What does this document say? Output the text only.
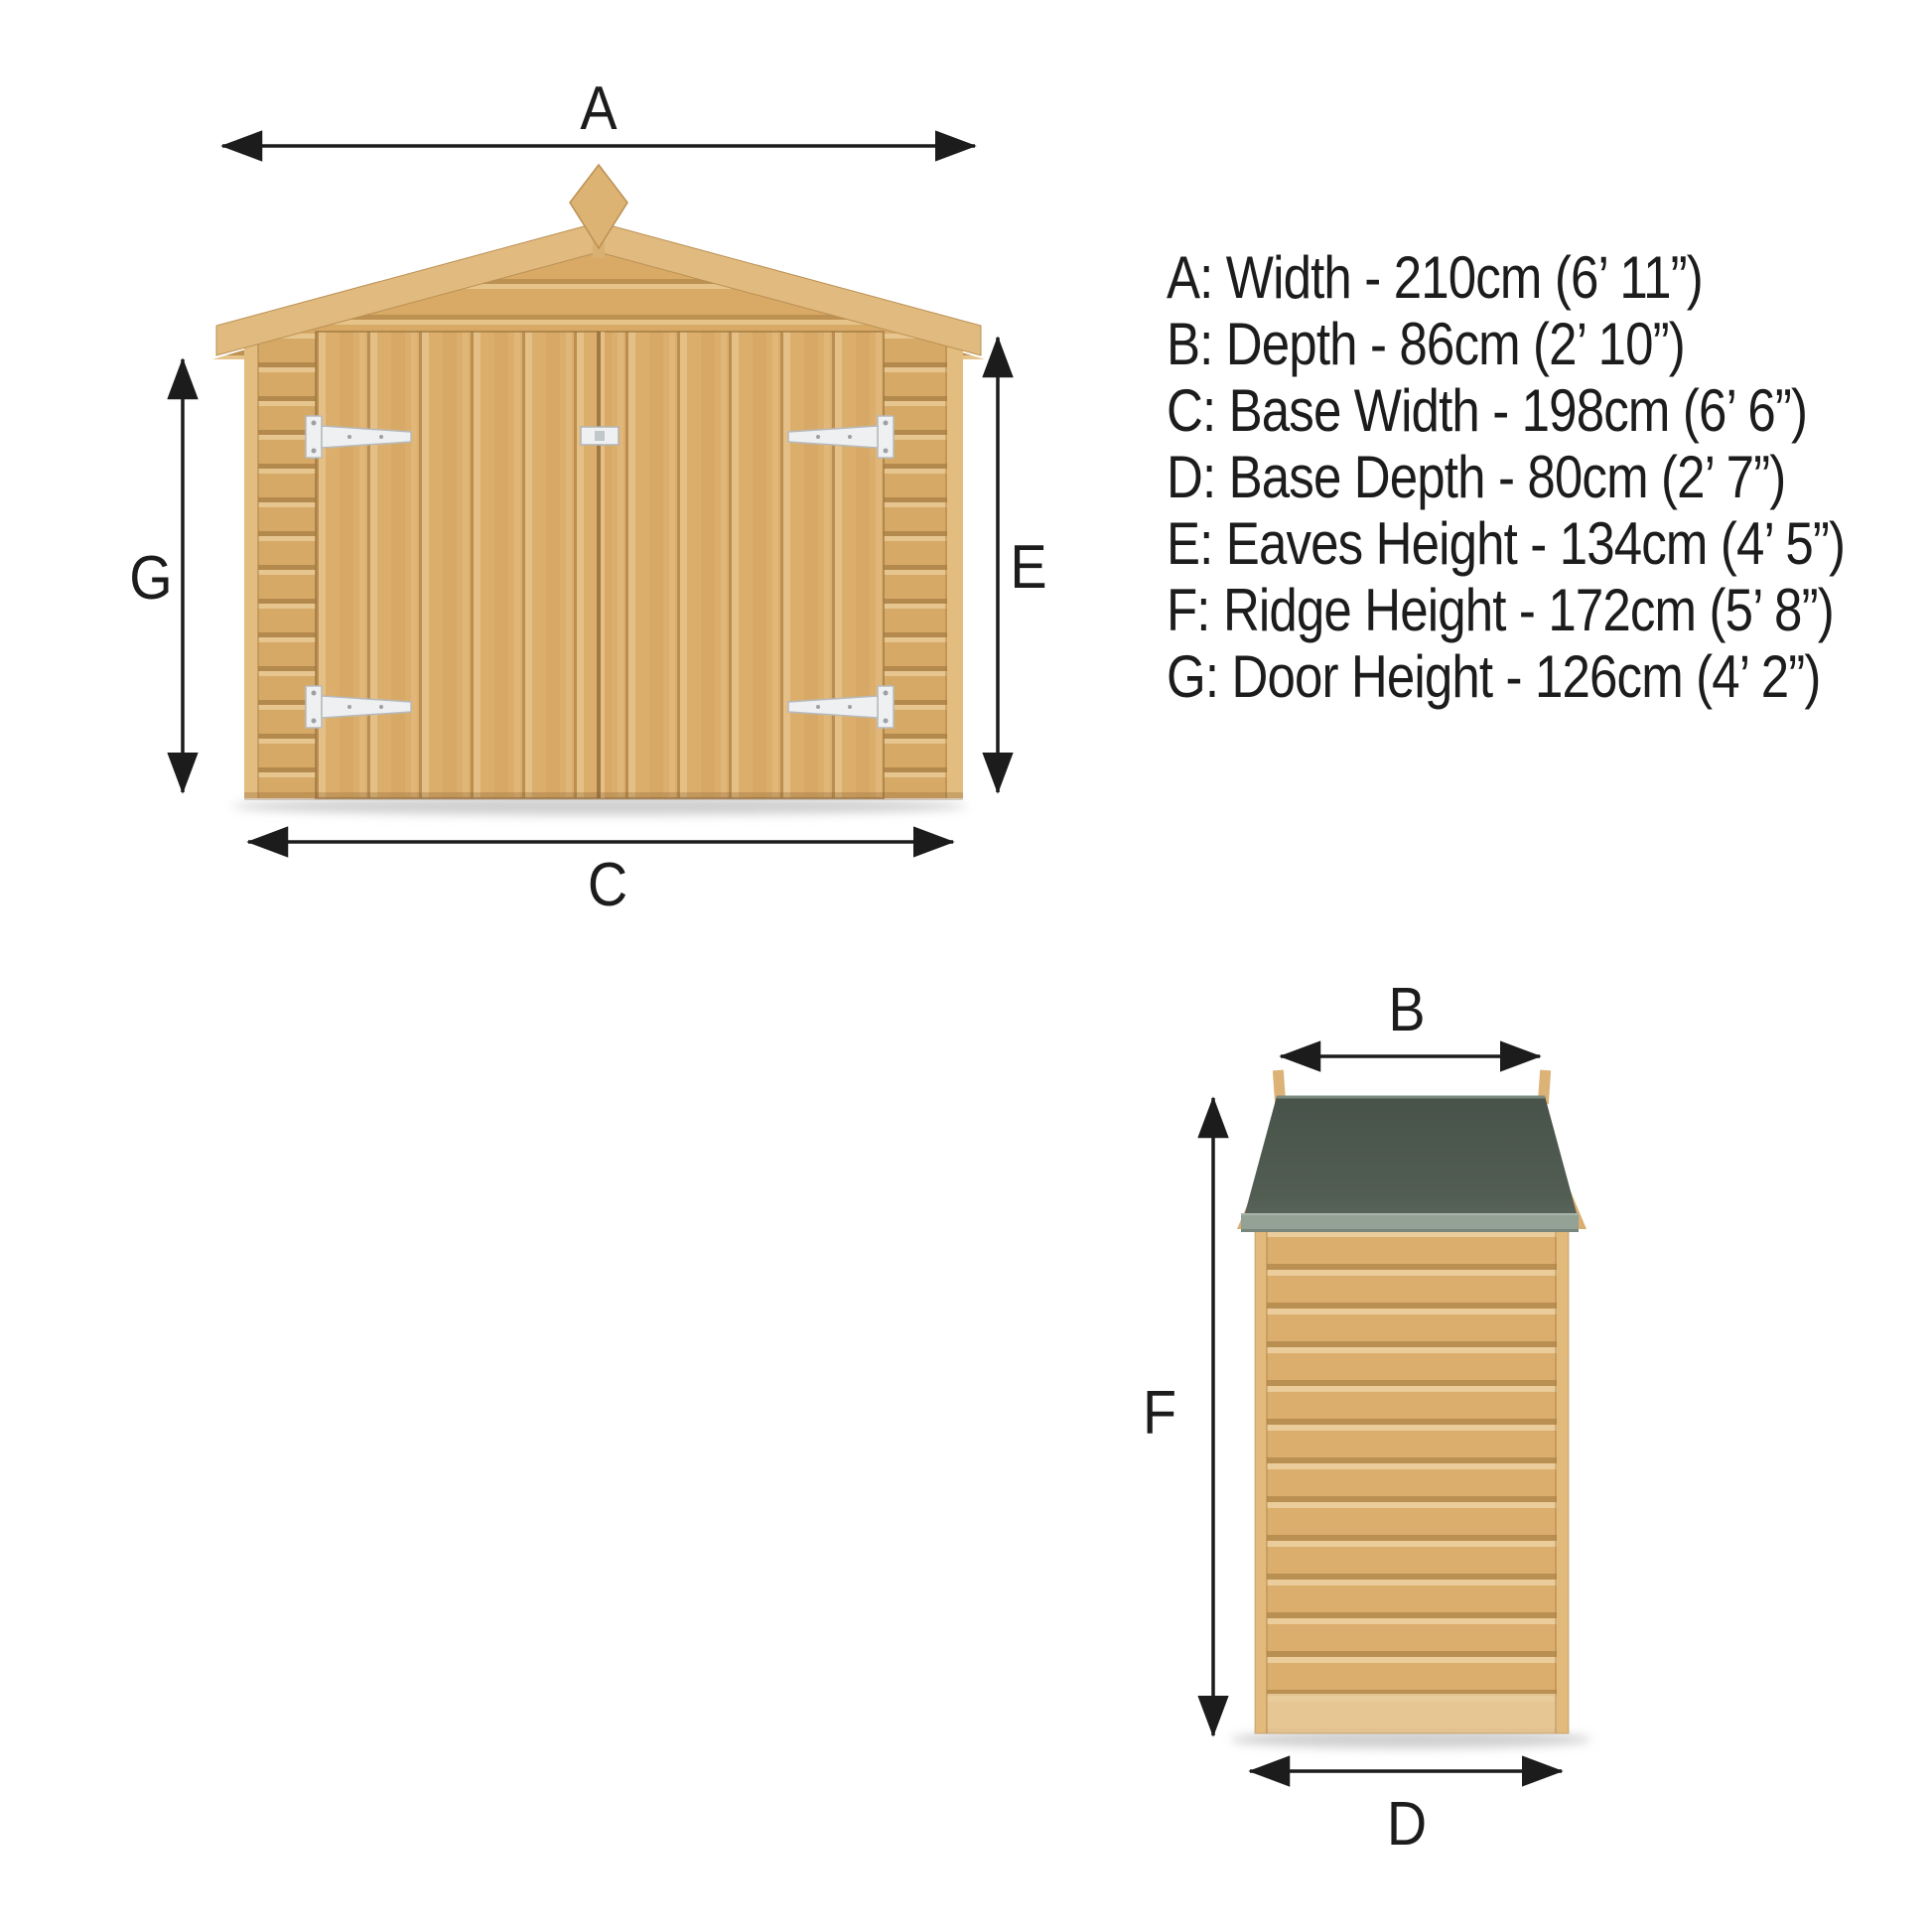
A
G	E
C
B
F
D
A: Width - 210cm (6’ 11”)
B: Depth - 86cm (2’ 10”)
C: Base Width - 198cm (6’ 6”)
D: Base Depth - 80cm (2’ 7”)
E: Eaves Height - 134cm (4’ 5”)
F: Ridge Height - 172cm (5’ 8”)
G: Door Height - 126cm (4’ 2”)
